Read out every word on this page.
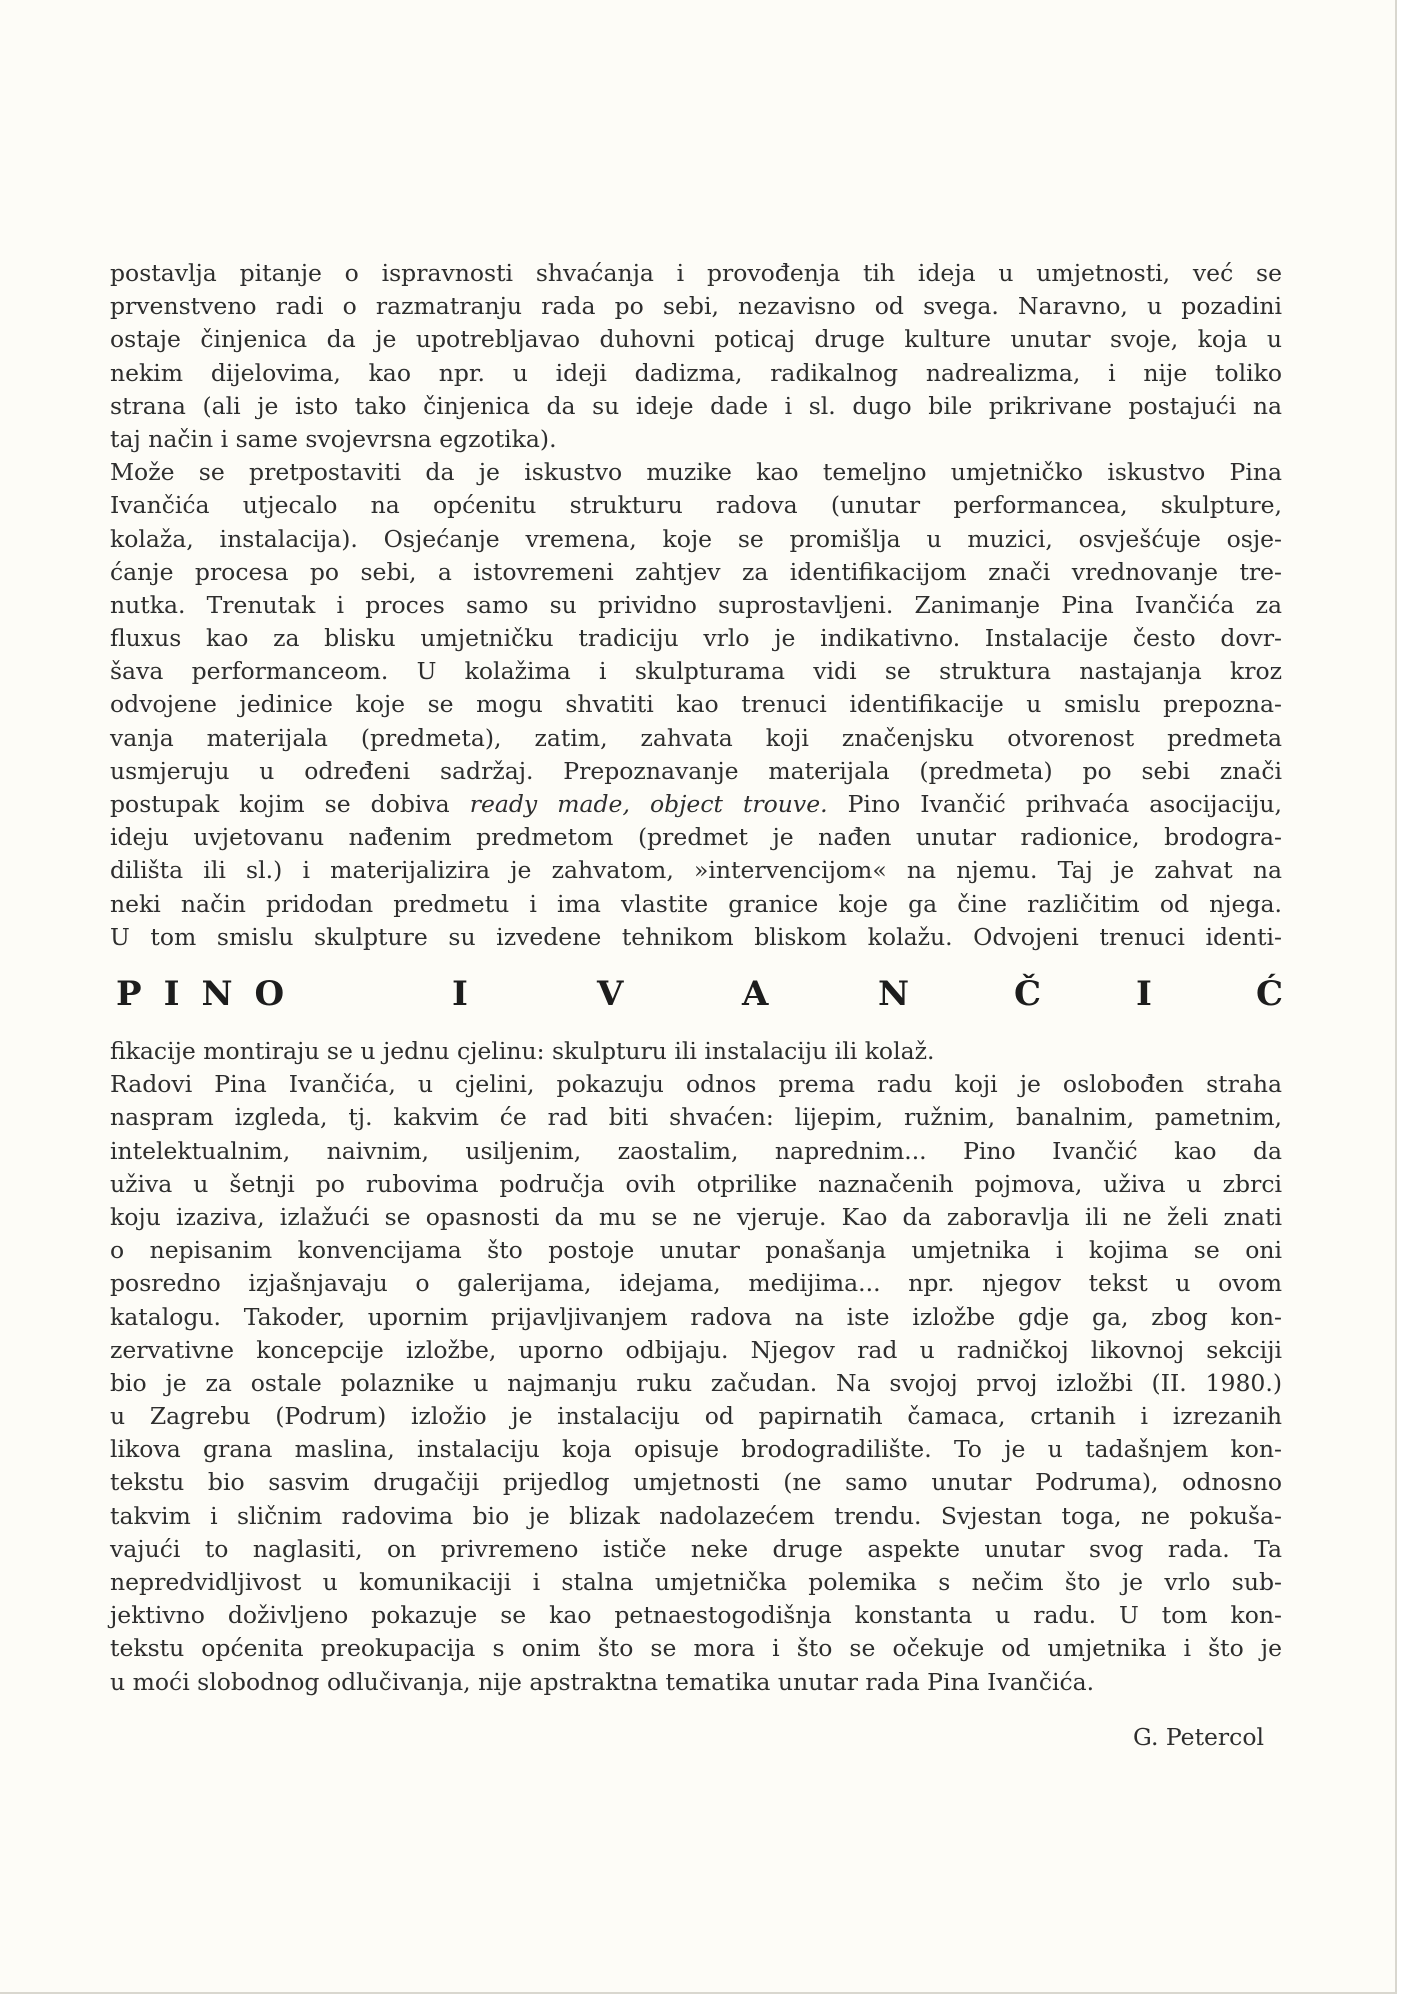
postavlja pitanje o ispravnosti shvaćanja i provođenja tih ideja u umjetnosti, već se
prvenstveno radi o razmatranju rada po sebi, nezavisno od svega. Naravno, u pozadini
ostaje činjenica da je upotrebljavao duhovni poticaj druge kulture unutar svoje, koja u
nekim dijelovima, kao npr. u ideji dadizma, radikalnog nadrealizma, i nije toliko
strana (ali je isto tako činjenica da su ideje dade i sl. dugo bile prikrivane postajući na
taj način i same svojevrsna egzotika).
Može se pretpostaviti da je iskustvo muzike kao temeljno umjetničko iskustvo Pina
Ivančića utjecalo na općenitu strukturu radova (unutar performancea, skulpture,
kolaža, instalacija). Osjećanje vremena, koje se promišlja u muzici, osvješćuje osje-
ćanje procesa po sebi, a istovremeni zahtjev za identifikacijom znači vrednovanje tre-
nutka. Trenutak i proces samo su prividno suprostavljeni. Zanimanje Pina Ivančića za
fluxus kao za blisku umjetničku tradiciju vrlo je indikativno. Instalacije često dovr-
šava performanceom. U kolažima i skulpturama vidi se struktura nastajanja kroz
odvojene jedinice koje se mogu shvatiti kao trenuci identifikacije u smislu prepozna-
vanja materijala (predmeta), zatim, zahvata koji značenjsku otvorenost predmeta
usmjeruju u određeni sadržaj. Prepoznavanje materijala (predmeta) po sebi znači
postupak kojim se dobiva ready made, object trouve. Pino Ivančić prihvaća asocijaciju,
ideju uvjetovanu nađenim predmetom (predmet je nađen unutar radionice, brodogra-
dilišta ili sl.) i materijalizira je zahvatom, »intervencijom« na njemu. Taj je zahvat na
neki način pridodan predmetu i ima vlastite granice koje ga čine različitim od njega.
U tom smislu skulpture su izvedene tehnikom bliskom kolažu. Odvojeni trenuci identi-
PINO	I	V	A	N	Č	I	Ć
fikacije montiraju se u jednu cjelinu: skulpturu ili instalaciju ili kolaž.
Radovi Pina Ivančića, u cjelini, pokazuju odnos prema radu koji je oslobođen straha
naspram izgleda, tj. kakvim će rad biti shvaćen: lijepim, ružnim, banalnim, pametnim,
intelektualnim, naivnim, usiljenim, zaostalim, naprednim... Pino Ivančić kao da
uživa u šetnji po rubovima područja ovih otprilike naznačenih pojmova, uživa u zbrci
koju izaziva, izlažući se opasnosti da mu se ne vjeruje. Kao da zaboravlja ili ne želi znati
o nepisanim konvencijama što postoje unutar ponašanja umjetnika i kojima se oni
posredno izjašnjavaju o galerijama, idejama, medijima... npr. njegov tekst u ovom
katalogu. Takoder, upornim prijavljivanjem radova na iste izložbe gdje ga, zbog kon-
zervativne koncepcije izložbe, uporno odbijaju. Njegov rad u radničkoj likovnoj sekciji
bio je za ostale polaznike u najmanju ruku začudan. Na svojoj prvoj izložbi (II. 1980.)
u Zagrebu (Podrum) izložio je instalaciju od papirnatih čamaca, crtanih i izrezanih
likova grana maslina, instalaciju koja opisuje brodogradilište. To je u tadašnjem kon-
tekstu bio sasvim drugačiji prijedlog umjetnosti (ne samo unutar Podruma), odnosno
takvim i sličnim radovima bio je blizak nadolazećem trendu. Svjestan toga, ne pokuša-
vajući to naglasiti, on privremeno ističe neke druge aspekte unutar svog rada. Ta
nepredvidljivost u komunikaciji i stalna umjetnička polemika s nečim što je vrlo sub-
jektivno doživljeno pokazuje se kao petnaestogodišnja konstanta u radu. U tom kon-
tekstu općenita preokupacija s onim što se mora i što se očekuje od umjetnika i što je
u moći slobodnog odlučivanja, nije apstraktna tematika unutar rada Pina Ivančića.
G. Petercol
